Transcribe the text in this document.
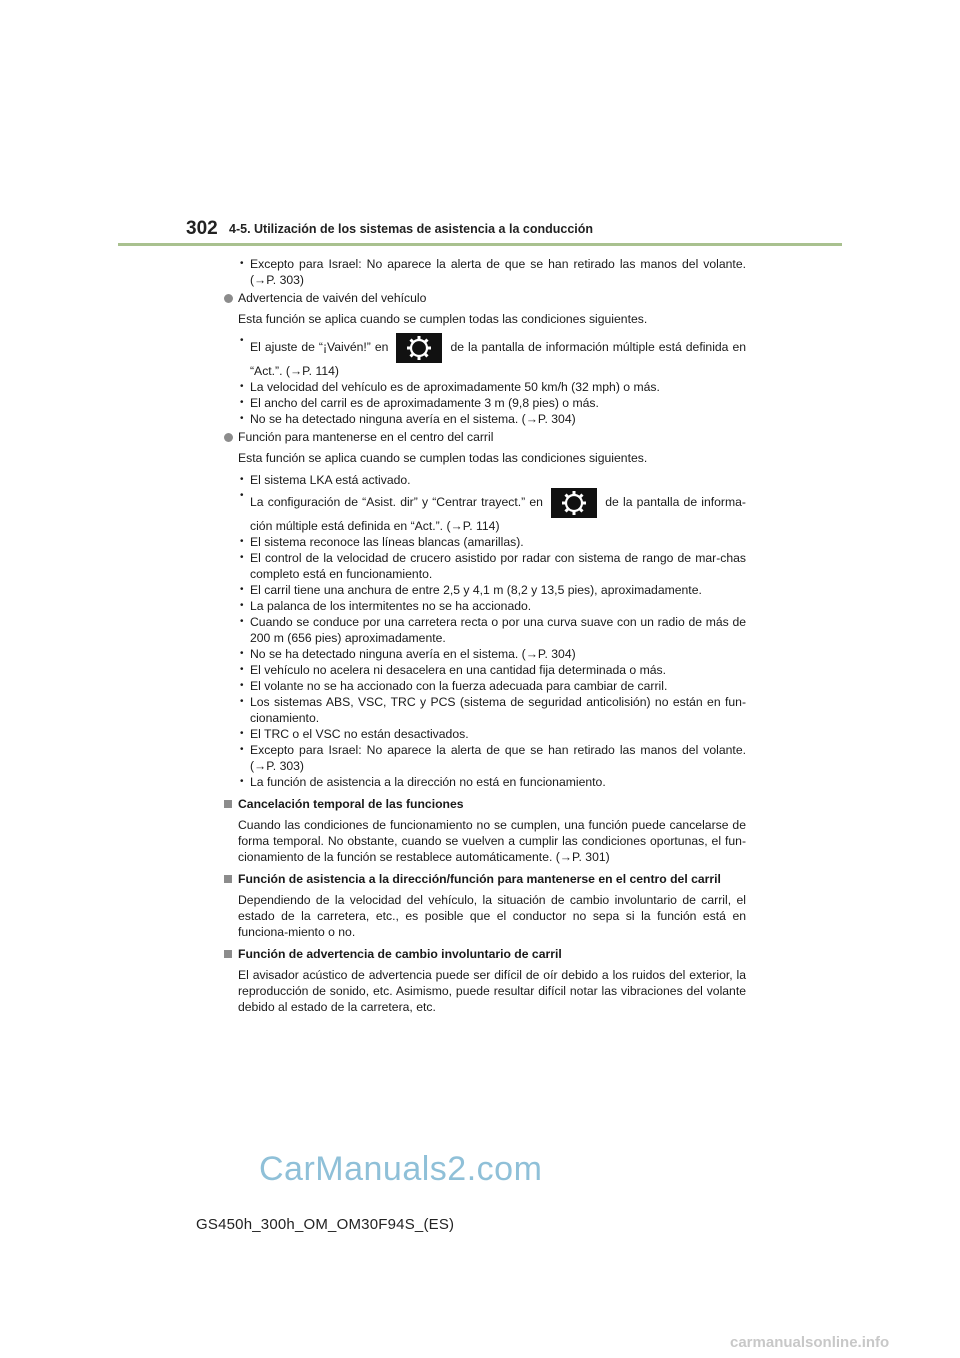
302 4-5. Utilización de los sistemas de asistencia a la conducción
• Excepto para Israel: No aparece la alerta de que se han retirado las manos del volante. (→P. 303)
Advertencia de vaivén del vehículo
Esta función se aplica cuando se cumplen todas las condiciones siguientes.
• El ajuste de “¡Vaivén!” en	de la pantalla de información múltiple está definida en “Act.”. (→P. 114)
• La velocidad del vehículo es de aproximadamente 50 km/h (32 mph) o más.
• El ancho del carril es de aproximadamente 3 m (9,8 pies) o más.
• No se ha detectado ninguna avería en el sistema. (→P. 304)
Función para mantenerse en el centro del carril
Esta función se aplica cuando se cumplen todas las condiciones siguientes.
• El sistema LKA está activado.
• La configuración de “Asist. dir” y “Centrar trayect.” en	de la pantalla de informa-ción múltiple está definida en “Act.”. (→P. 114)
• El sistema reconoce las líneas blancas (amarillas).
• El control de la velocidad de crucero asistido por radar con sistema de rango de mar-chas completo está en funcionamiento.
• El carril tiene una anchura de entre 2,5 y 4,1 m (8,2 y 13,5 pies), aproximadamente.
• La palanca de los intermitentes no se ha accionado.
• Cuando se conduce por una carretera recta o por una curva suave con un radio de más de 200 m (656 pies) aproximadamente.
• No se ha detectado ninguna avería en el sistema. (→P. 304)
• El vehículo no acelera ni desacelera en una cantidad fija determinada o más.
• El volante no se ha accionado con la fuerza adecuada para cambiar de carril.
• Los sistemas ABS, VSC, TRC y PCS (sistema de seguridad anticolisión) no están en fun-cionamiento.
• El TRC o el VSC no están desactivados.
• Excepto para Israel: No aparece la alerta de que se han retirado las manos del volante. (→P. 303)
• La función de asistencia a la dirección no está en funcionamiento.
Cancelación temporal de las funciones
Cuando las condiciones de funcionamiento no se cumplen, una función puede cancelarse de forma temporal. No obstante, cuando se vuelven a cumplir las condiciones oportunas, el fun-cionamiento de la función se restablece automáticamente. (→P. 301)
Función de asistencia a la dirección/función para mantenerse en el centro del carril
Dependiendo de la velocidad del vehículo, la situación de cambio involuntario de carril, el estado de la carretera, etc., es posible que el conductor no sepa si la función está en funciona-miento o no.
Función de advertencia de cambio involuntario de carril
El avisador acústico de advertencia puede ser difícil de oír debido a los ruidos del exterior, la reproducción de sonido, etc. Asimismo, puede resultar difícil notar las vibraciones del volante debido al estado de la carretera, etc.
CarManuals2.com
GS450h_300h_OM_OM30F94S_(ES)
carmanualsonline.info
